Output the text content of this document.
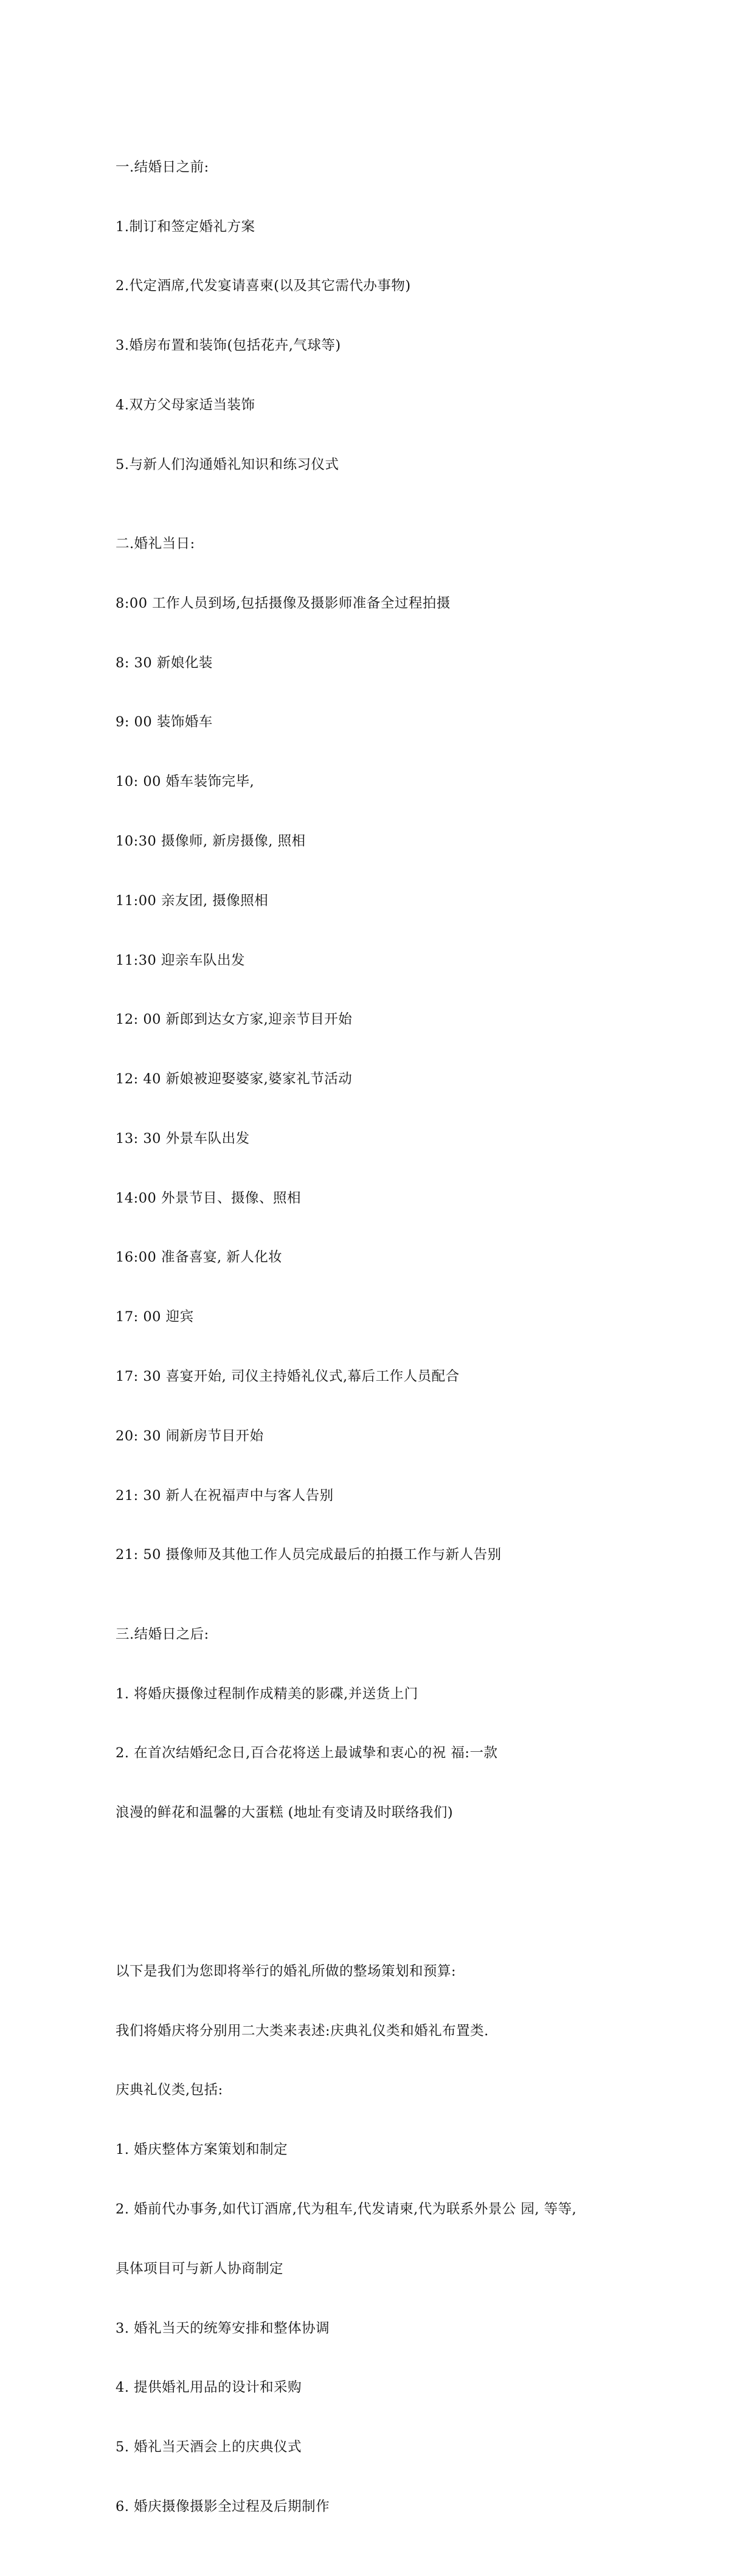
一.结婚日之前:

1.制订和签定婚礼方案

2.代定酒席,代发宴请喜柬(以及其它需代办事物)

3.婚房布置和装饰(包括花卉,气球等)

4.双方父母家适当装饰

5.与新人们沟通婚礼知识和练习仪式

二.婚礼当日:

8:00 工作人员到场,包括摄像及摄影师准备全过程拍摄

8: 30 新娘化装

9: 00 装饰婚车

10: 00 婚车装饰完毕,

10:30 摄像师, 新房摄像, 照相

11:00 亲友团, 摄像照相

11:30 迎亲车队出发

12: 00 新郎到达女方家,迎亲节目开始

12: 40 新娘被迎娶婆家,婆家礼节活动

13: 30 外景车队出发

14:00 外景节目、摄像、照相

16:00 准备喜宴, 新人化妆

17: 00 迎宾

17: 30 喜宴开始, 司仪主持婚礼仪式,幕后工作人员配合

20: 30 闹新房节目开始

21: 30 新人在祝福声中与客人告别

21: 50 摄像师及其他工作人员完成最后的拍摄工作与新人告别

三.结婚日之后:

1. 将婚庆摄像过程制作成精美的影碟,并送货上门

2. 在首次结婚纪念日,百合花将送上最诚挚和衷心的祝 福:一款

浪漫的鲜花和温馨的大蛋糕 (地址有变请及时联络我们)

以下是我们为您即将举行的婚礼所做的整场策划和预算:

我们将婚庆将分别用二大类来表述:庆典礼仪类和婚礼布置类.

庆典礼仪类,包括:

1. 婚庆整体方案策划和制定

2. 婚前代办事务,如代订酒席,代为租车,代发请柬,代为联系外景公 园, 等等,

具体项目可与新人协商制定

3. 婚礼当天的统筹安排和整体协调

4. 提供婚礼用品的设计和采购

5. 婚礼当天酒会上的庆典仪式

6. 婚庆摄像摄影全过程及后期制作
